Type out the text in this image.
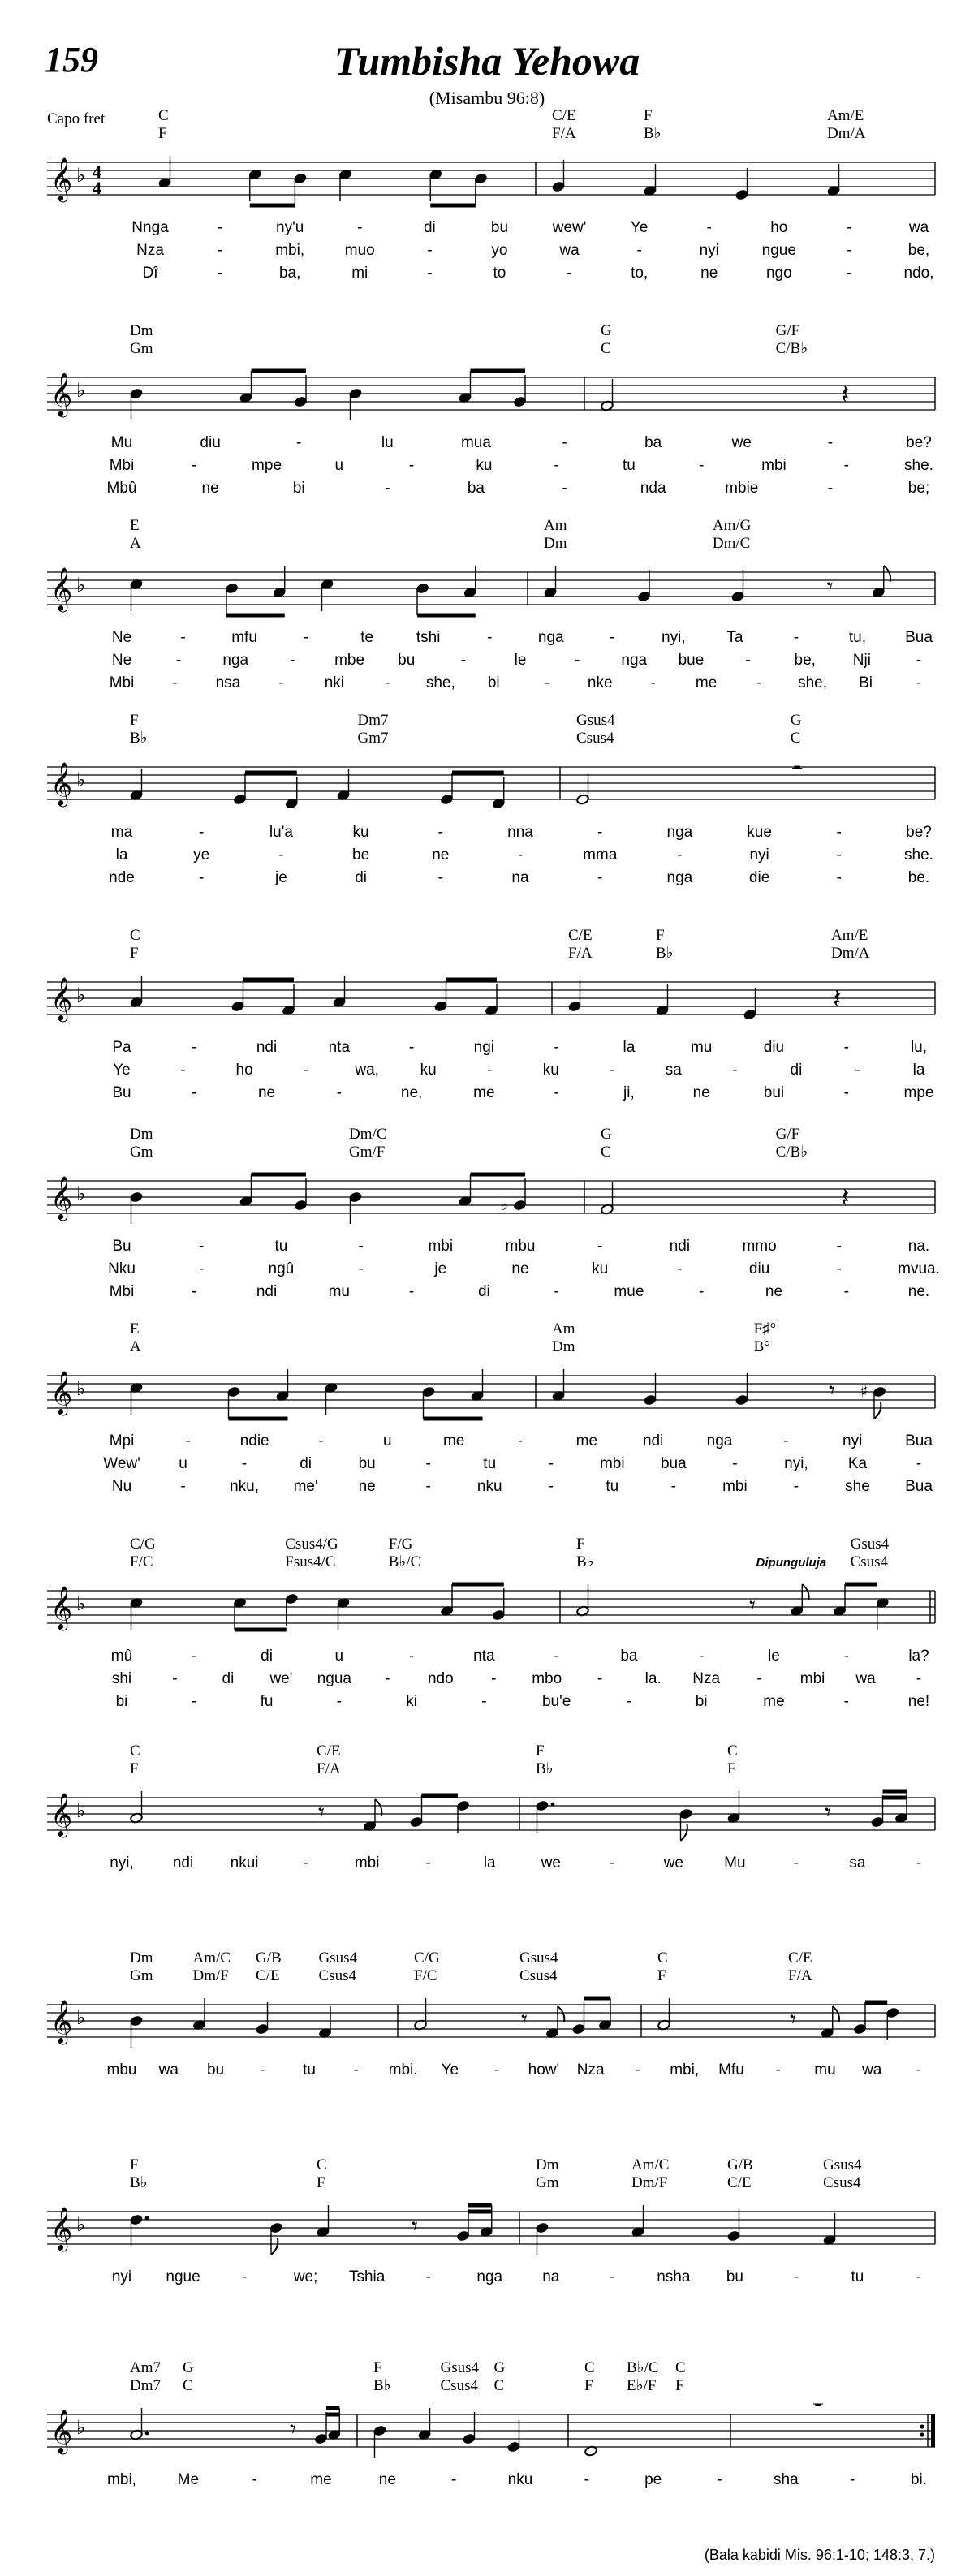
159	Tumbisha Yehowa
(Misambu 96:8)
Capo fret
𝄞 ♭ 4
4
C
F
C/E
F/A
F
B♭
Am/E
Dm/A
Nnga	-	ny'u	-	di	bu	wew'	Ye	-	ho	-	wa
Nza	-	mbi,	muo	-	yo	wa	-	nyi	ngue	-	be,
Dî	-	ba,	mi	-	to	-	to,	ne	ngo	-	ndo,
𝄞 ♭
Dm
Gm
G
C
G/F
C/B♭
𝄽
Mu	diu	-	lu	mua	-	ba	we	-	be?
Mbi	-	mpe	u	-	ku	-	tu	-	mbi	-	she.
Mbû	ne	bi	-	ba	-	nda	mbie	-	be;
𝄞 ♭
E
A
Am
Dm
Am/G
Dm/C
𝄾
Ne	-	mfu	-	te	tshi	-	nga	-	nyi,	Ta	-	tu,	Bua
Ne	-	nga	-	mbe bu	-	le	-	nga bue	-	be, Nji	-
Mbi - nsa -	nki	- she, bi	- nke -	me	- she, Bi	-
𝄞 ♭
F
B♭
Dm7
Gm7
Gsus4
Csus4
G
C
𝄼
ma	-	lu'a	ku	-	nna	-	nga	kue	-	be?
la	ye	-	be	ne	-	mma	-	nyi	-	she.
nde	-	je	di	-	na	-	nga	die	-	be.
𝄞 ♭
C
F
C/E
F/A
F
B♭
Am/E
Dm/A
𝄽
Pa	-	ndi	nta	-	ngi	-	la	mu	diu	-	lu,
Ye	-	ho	-	wa,	ku	-	ku	-	sa	-	di	-	la
Bu	-	ne	-	ne,	me	-	ji,	ne	bui	-	mpe
𝄞 ♭
Dm
Gm
Dm/C
Gm/F
G
C
G/F
C/B♭
♭	𝄽
Bu	-	tu	-	mbi	mbu	-	ndi	mmo	-	na.
Nku	-	ngû	-	je	ne	ku	-	diu	-	mvua.
Mbi	-	ndi	mu	-	di	-	mue	-	ne	-	ne.
𝄞 ♭
E
A
Am
Dm
F♯°
B°
𝄾 ♯
Mpi	-	ndie	-	u	me	-	me	ndi	nga	-	nyi	Bua
Wew' u	-	di	bu	-	tu	-	mbi bua	-	nyi,	Ka	-
Nu	-	nku, me'	ne	-	nku	-	tu	-	mbi	-	she Bua
𝄞 ♭
C/G
F/C
Csus4/G
Fsus4/C
F/G
B♭/C
F
B♭
Gsus4
Csus4
Dipunguluja
𝄾
mû	-	di	u	-	nta	-	ba	-	le	-	la?
shi	-	di we' ngua - ndo - mbo -	la. Nza - mbi wa	-
bi	-	fu	-	ki	-	bu'e	-	bi	me	-	ne!
𝄞 ♭
C
F
C/E
F/A
F
B♭
C
F
𝄾	𝄾
nyi,	ndi nkui	-	mbi	-	la	we	-	we	Mu	-	sa	-
𝄞 ♭
Dm
Gm
Am/C
Dm/F
G/B
C/E
Gsus4
Csus4
C/G
F/C
Gsus4
Csus4
C
F
C/E
F/A
𝄾	𝄾
mbu wa bu - tu - mbi. Ye - how' Nza - mbi, Mfu - mu wa -
𝄞 ♭
F
B♭
C
F
Dm
Gm
Am/C
Dm/F
G/B
C/E
Gsus4
Csus4
𝄾
nyi ngue	-	we; Tshia	-	nga	na	-	nsha bu	-	tu	-
𝄞 ♭
Am7
Dm7
G
C
F
B♭
Gsus4
Csus4
G
C
C
F
B♭/C
E♭/F
C
F
𝄾
𝄻
mbi,	Me	-	me	ne	-	nku	-	pe	-	sha	-	bi.
(Bala kabidi Mis. 96:1-10; 148:3, 7.)
